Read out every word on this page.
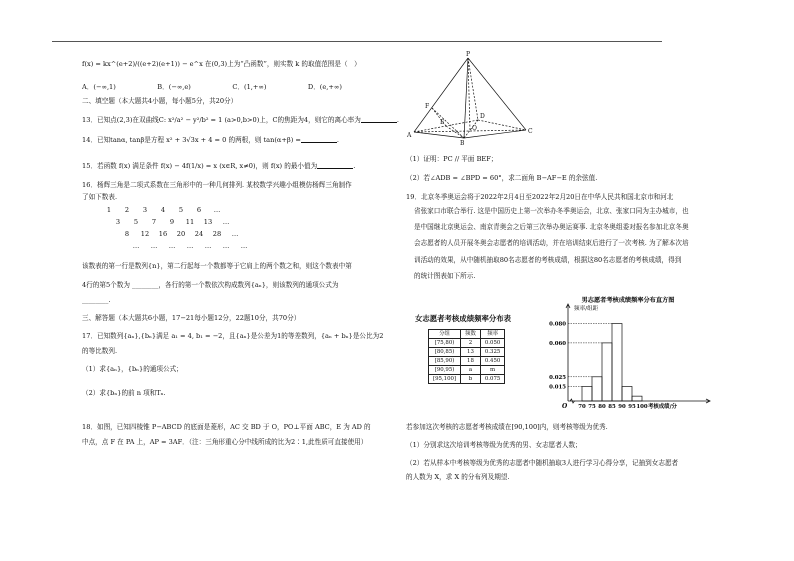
f(x) = kx^(e+2)/((e+2)(e+1)) − e^x 在(0,3)上为“凸函数”，则实数 k 的取值范围是（　）
A．(−∞,1)	B．(−∞,e)	C．(1,+∞)	D．(e,+∞)
二、填空题（本大题共4小题，每小题5分，共20分）
13．已知点(2,3)在双曲线C: x²/a² − y²/b² = 1 (a>0,b>0)上，C的焦距为4，则它的离心率为	.
14．已知tanα, tanβ是方程 x² + 3√3x + 4 = 0 的两根，则 tan(α+β) =	.
15．若函数 f(x) 满足条件 f(x) − 4f(1/x) = x (x∈R, x≠0)，则 f(x) 的最小值为	.
16．杨辉三角是二项式系数在三角形中的一种几何排列. 某校数学兴趣小组模仿杨辉三角制作
了如下数表.
1 2 3 4 5 6 …
3 5 7 9 11 13 …
8 12 16 20 24 28 …
… … … … … … …
该数表的第一行是数列{n}，第二行起每一个数都等于它肩上的两个数之和，则这个数表中第
4行的第5个数为 ________，各行的第一个数依次构成数列{aₙ}，则该数列的通项公式为
________.
三、解答题（本大题共6小题，17−21每小题12分，22题10分，共70分）
17．已知数列{aₙ},{bₙ}满足 a₁ = 4, b₁ = −2，且{aₙ}是公差为1的等差数列，{aₙ + bₙ}是公比为2
的等比数列.
（1）求{aₙ}，{bₙ}的通项公式；
（2）求{bₙ}的前 n 项和Tₙ.
18．如图，已知四棱锥 P−ABCD 的底面是菱形，AC 交 BD 于 O，PO⊥平面 ABC，E 为 AD 的
中点，点 F 在 PA 上，AP = 3AF．（注：三角形重心分中线所成的比为2∶1,此性质可直接使用）
P
F
A
E
D
O
B
C
（1）证明：PC // 平面 BEF；
（2）若∠ADB = ∠BPD = 60°，求二面角 B−AF−E 的余弦值.
19．北京冬季奥运会将于2022年2月4日至2022年2月20日在中华人民共和国北京市和河北
省张家口市联合举行. 这是中国历史上第一次举办冬季奥运会，北京、张家口同为主办城市，也
是中国继北京奥运会、南京青奥会之后第三次举办奥运赛事. 北京冬奥组委对报名参加北京冬奥
会志愿者的人员开展冬奥会志愿者的培训活动，并在培训结束后进行了一次考核. 为了解本次培
训活动的效果，从中随机抽取80名志愿者的考核成绩，根据这80名志愿者的考核成绩，得到
的统计图表如下所示.
女志愿者考核成绩频率分布表
分组	频数	频率
[75,80)	2	0.050
[80,85)	13	0.325
[85,90)	18	0.450
[90,95)	a	m
[95,100]	b	0.075
男志愿者考核成绩频率分布直方图
频率/组距
0.015
0.025
0.060
0.080
70 75 80 85 90 95 100 考核成绩/分
O
若参加这次考核的志愿者考核成绩在[90,100]内，则考核等级为优秀.
（1）分别求这次培训考核等级为优秀的男、女志愿者人数；
（2）若从样本中考核等级为优秀的志愿者中随机抽取3人进行学习心得分享，记抽到女志愿者
的人数为 X，求 X 的分布列及期望.
